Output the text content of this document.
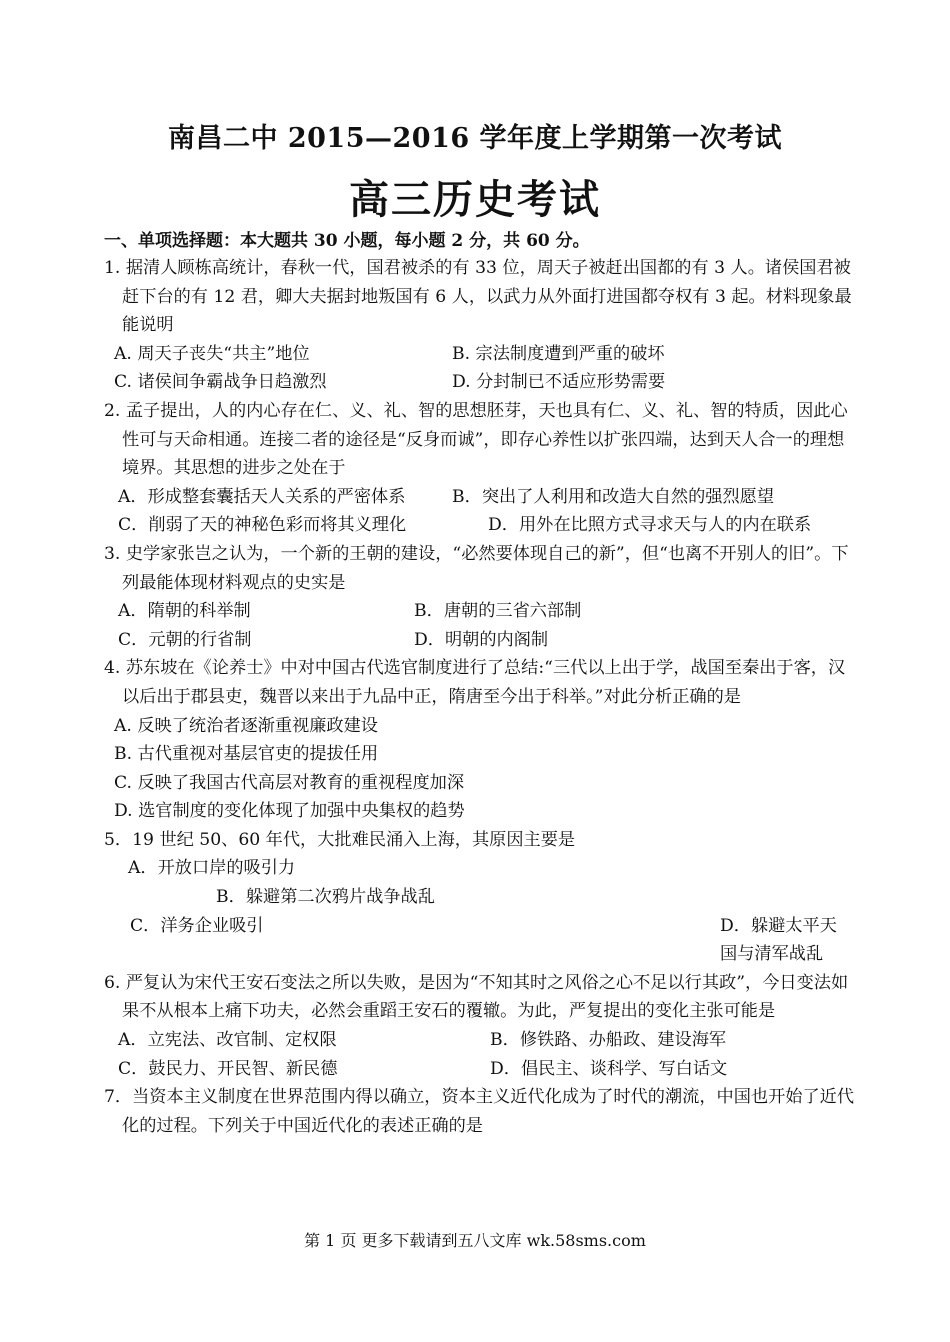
南昌二中 2015—2016 学年度上学期第一次考试
高三历史考试
一、单项选择题：本大题共 30 小题，每小题 2 分，共 60 分。
1. 据清人顾栋高统计，春秋一代，国君被杀的有 33 位，周天子被赶出国都的有 3 人。诸侯国君被赶下台的有 12 君，卿大夫据封地叛国有 6 人，以武力从外面打进国都夺权有 3 起。材料现象最能说明
A. 周天子丧失“共主”地位	B. 宗法制度遭到严重的破坏
C. 诸侯间争霸战争日趋激烈	D. 分封制已不适应形势需要
2. 孟子提出，人的内心存在仁、义、礼、智的思想胚芽，天也具有仁、义、礼、智的特质，因此心性可与天命相通。连接二者的途径是“反身而诚”，即存心养性以扩张四端，达到天人合一的理想境界。其思想的进步之处在于
A．形成整套囊括天人关系的严密体系	B．突出了人利用和改造大自然的强烈愿望
C．削弱了天的神秘色彩而将其义理化	D．用外在比照方式寻求天与人的内在联系
3. 史学家张岂之认为，一个新的王朝的建设，“必然要体现自己的新”，但“也离不开别人的旧”。下列最能体现材料观点的史实是
A．隋朝的科举制	B．唐朝的三省六部制
C．元朝的行省制	D．明朝的内阁制
4. 苏东坡在《论养士》中对中国古代选官制度进行了总结:“三代以上出于学，战国至秦出于客，汉以后出于郡县吏，魏晋以来出于九品中正，隋唐至今出于科举。”对此分析正确的是
A. 反映了统治者逐渐重视廉政建设
B. 古代重视对基层官吏的提拔任用
C. 反映了我国古代高层对教育的重视程度加深
D. 选官制度的变化体现了加强中央集权的趋势
5．19 世纪 50、60 年代，大批难民涌入上海，其原因主要是
A．开放口岸的吸引力
B．躲避第二次鸦片战争战乱
C．洋务企业吸引	D．躲避太平天国与清军战乱
6. 严复认为宋代王安石变法之所以失败，是因为“不知其时之风俗之心不足以行其政”，今日变法如果不从根本上痛下功夫，必然会重蹈王安石的覆辙。为此，严复提出的变化主张可能是
A．立宪法、改官制、定权限	B．修铁路、办船政、建设海军
C．鼓民力、开民智、新民德	D．倡民主、谈科学、写白话文
7．当资本主义制度在世界范围内得以确立，资本主义近代化成为了时代的潮流，中国也开始了近代化的过程。下列关于中国近代化的表述正确的是
第 1 页 更多下载请到五八文库 wk.58sms.com
